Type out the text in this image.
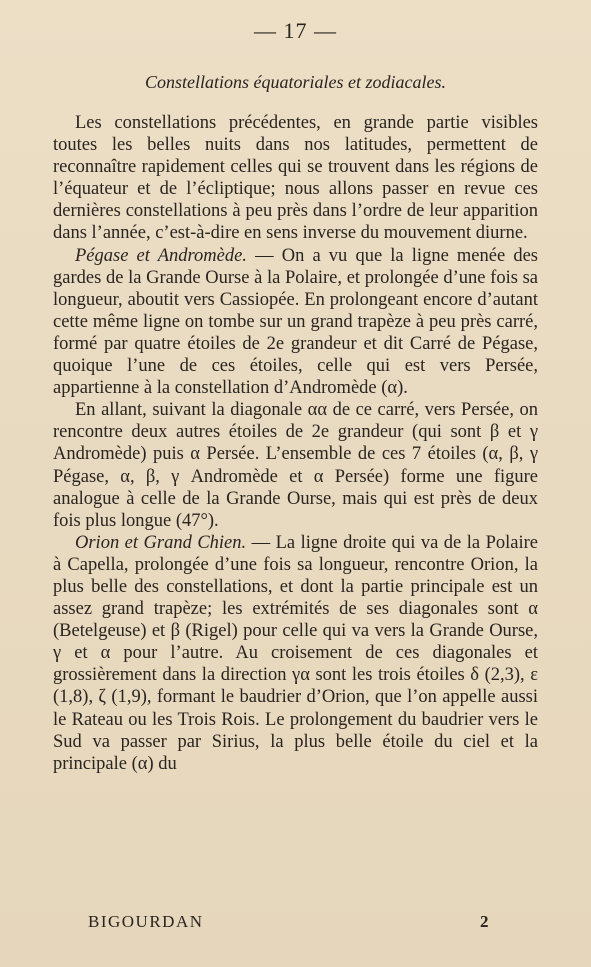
— 17 —
Constellations équatoriales et zodiacales.

Les constellations précédentes, en grande partie visibles toutes les belles nuits dans nos latitudes, permettent de reconnaître rapidement celles qui se trouvent dans les régions de l’équateur et de l’écliptique; nous allons passer en revue ces dernières constellations à peu près dans l’ordre de leur apparition dans l’année, c’est-à-dire en sens inverse du mouvement diurne.

Pégase et Andromède. — On a vu que la ligne menée des gardes de la Grande Ourse à la Polaire, et prolongée d’une fois sa longueur, aboutit vers Cassiopée. En prolongeant encore d’autant cette même ligne on tombe sur un grand trapèze à peu près carré, formé par quatre étoiles de 2e grandeur et dit Carré de Pégase, quoique l’une de ces étoiles, celle qui est vers Persée, appartienne à la constellation d’Andromède (α).

En allant, suivant la diagonale αα de ce carré, vers Persée, on rencontre deux autres étoiles de 2e grandeur (qui sont β et γ Andromède) puis α Persée. L’ensemble de ces 7 étoiles (α, β, γ Pégase, α, β, γ Andromède et α Persée) forme une figure analogue à celle de la Grande Ourse, mais qui est près de deux fois plus longue (47°).

Orion et Grand Chien. — La ligne droite qui va de la Polaire à Capella, prolongée d’une fois sa longueur, rencontre Orion, la plus belle des constellations, et dont la partie principale est un assez grand trapèze; les extrémités de ses diagonales sont α (Betelgeuse) et β (Rigel) pour celle qui va vers la Grande Ourse, γ et α pour l’autre. Au croisement de ces diagonales et grossièrement dans la direction γα sont les trois étoiles δ (2,3), ε (1,8), ζ (1,9), formant le baudrier d’Orion, que l’on appelle aussi le Rateau ou les Trois Rois. Le prolongement du baudrier vers le Sud va passer par Sirius, la plus belle étoile du ciel et la principale (α) du

BIGOURDAN	2
